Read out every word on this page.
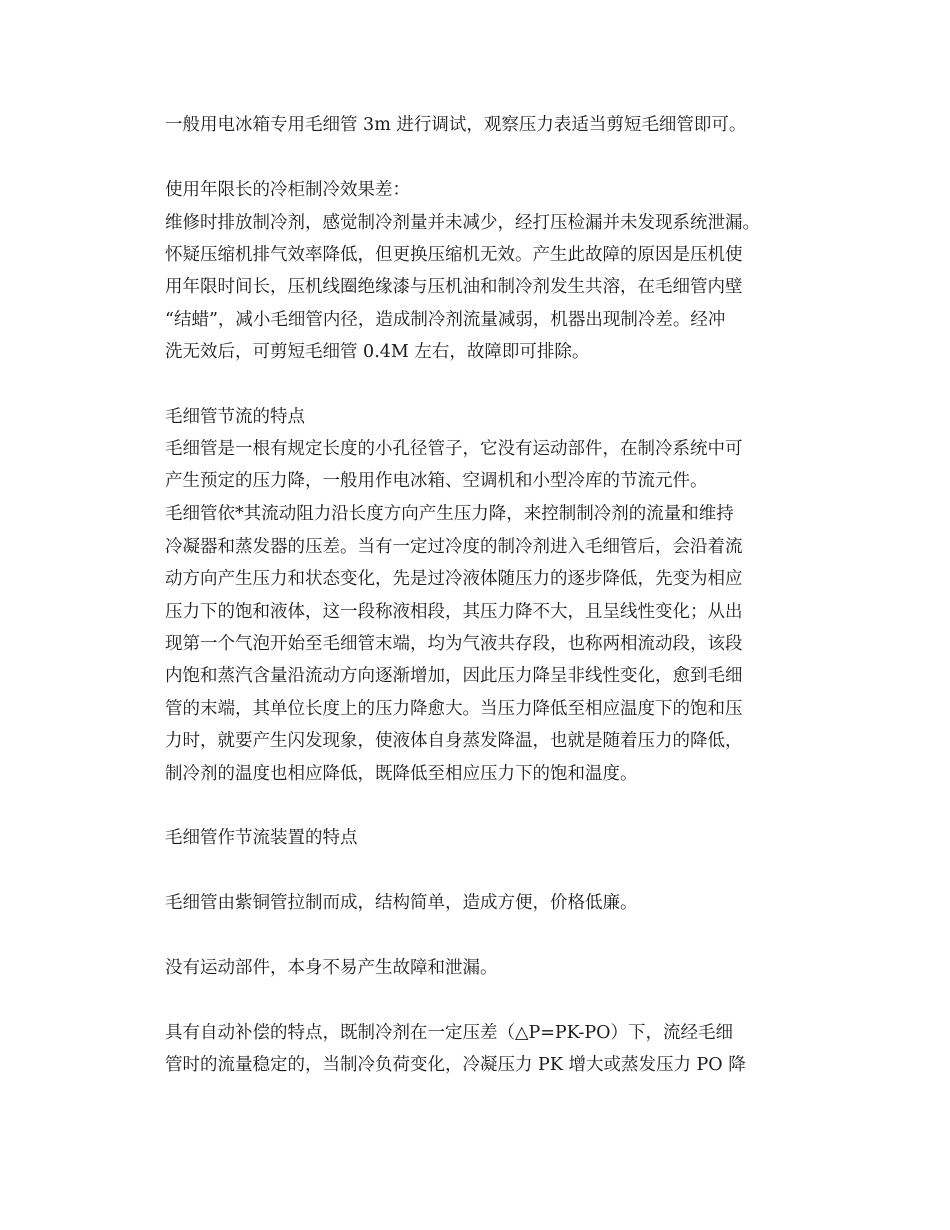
一般用电冰箱专用毛细管 3m 进行调试，观察压力表适当剪短毛细管即可。

使用年限长的冷柜制冷效果差：

维修时排放制冷剂，感觉制冷剂量并未减少，经打压检漏并未发现系统泄漏。

怀疑压缩机排气效率降低，但更换压缩机无效。产生此故障的原因是压机使

用年限时间长，压机线圈绝缘漆与压机油和制冷剂发生共溶，在毛细管内壁

“结蜡”，减小毛细管内径，造成制冷剂流量减弱，机器出现制冷差。经冲

洗无效后，可剪短毛细管 0.4M 左右，故障即可排除。

毛细管节流的特点

毛细管是一根有规定长度的小孔径管子，它没有运动部件，在制冷系统中可

产生预定的压力降，一般用作电冰箱、空调机和小型冷库的节流元件。

毛细管依*其流动阻力沿长度方向产生压力降，来控制制冷剂的流量和维持

冷凝器和蒸发器的压差。当有一定过冷度的制冷剂进入毛细管后，会沿着流

动方向产生压力和状态变化，先是过冷液体随压力的逐步降低，先变为相应

压力下的饱和液体，这一段称液相段，其压力降不大，且呈线性变化；从出

现第一个气泡开始至毛细管末端，均为气液共存段，也称两相流动段，该段

内饱和蒸汽含量沿流动方向逐渐增加，因此压力降呈非线性变化，愈到毛细

管的末端，其单位长度上的压力降愈大。当压力降低至相应温度下的饱和压

力时，就要产生闪发现象，使液体自身蒸发降温，也就是随着压力的降低，

制冷剂的温度也相应降低，既降低至相应压力下的饱和温度。

毛细管作节流装置的特点

毛细管由紫铜管拉制而成，结构简单，造成方便，价格低廉。

没有运动部件，本身不易产生故障和泄漏。

具有自动补偿的特点，既制冷剂在一定压差（△P=PK-PO）下，流经毛细

管时的流量稳定的，当制冷负荷变化，冷凝压力 PK 增大或蒸发压力 PO 降
